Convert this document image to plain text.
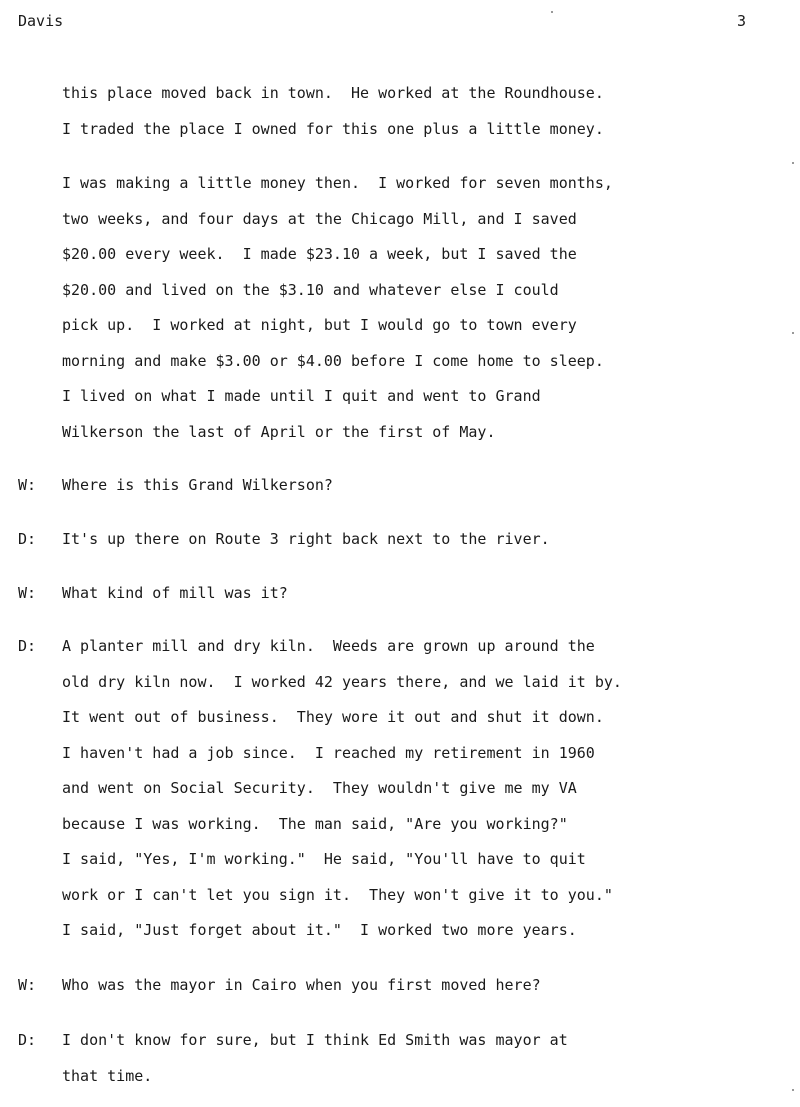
Davis	3
this place moved back in town.  He worked at the Roundhouse.
I traded the place I owned for this one plus a little money.
I was making a little money then.  I worked for seven months,
two weeks, and four days at the Chicago Mill, and I saved
$20.00 every week.  I made $23.10 a week, but I saved the
$20.00 and lived on the $3.10 and whatever else I could
pick up.  I worked at night, but I would go to town every
morning and make $3.00 or $4.00 before I come home to sleep.
I lived on what I made until I quit and went to Grand
Wilkerson the last of April or the first of May.
W: Where is this Grand Wilkerson?
D: It's up there on Route 3 right back next to the river.
W: What kind of mill was it?
D: A planter mill and dry kiln.  Weeds are grown up around the
old dry kiln now.  I worked 42 years there, and we laid it by.
It went out of business.  They wore it out and shut it down.
I haven't had a job since.  I reached my retirement in 1960
and went on Social Security.  They wouldn't give me my VA
because I was working.  The man said, "Are you working?"
I said, "Yes, I'm working."  He said, "You'll have to quit
work or I can't let you sign it.  They won't give it to you."
I said, "Just forget about it."  I worked two more years.
W: Who was the mayor in Cairo when you first moved here?
D: I don't know for sure, but I think Ed Smith was mayor at
that time.
